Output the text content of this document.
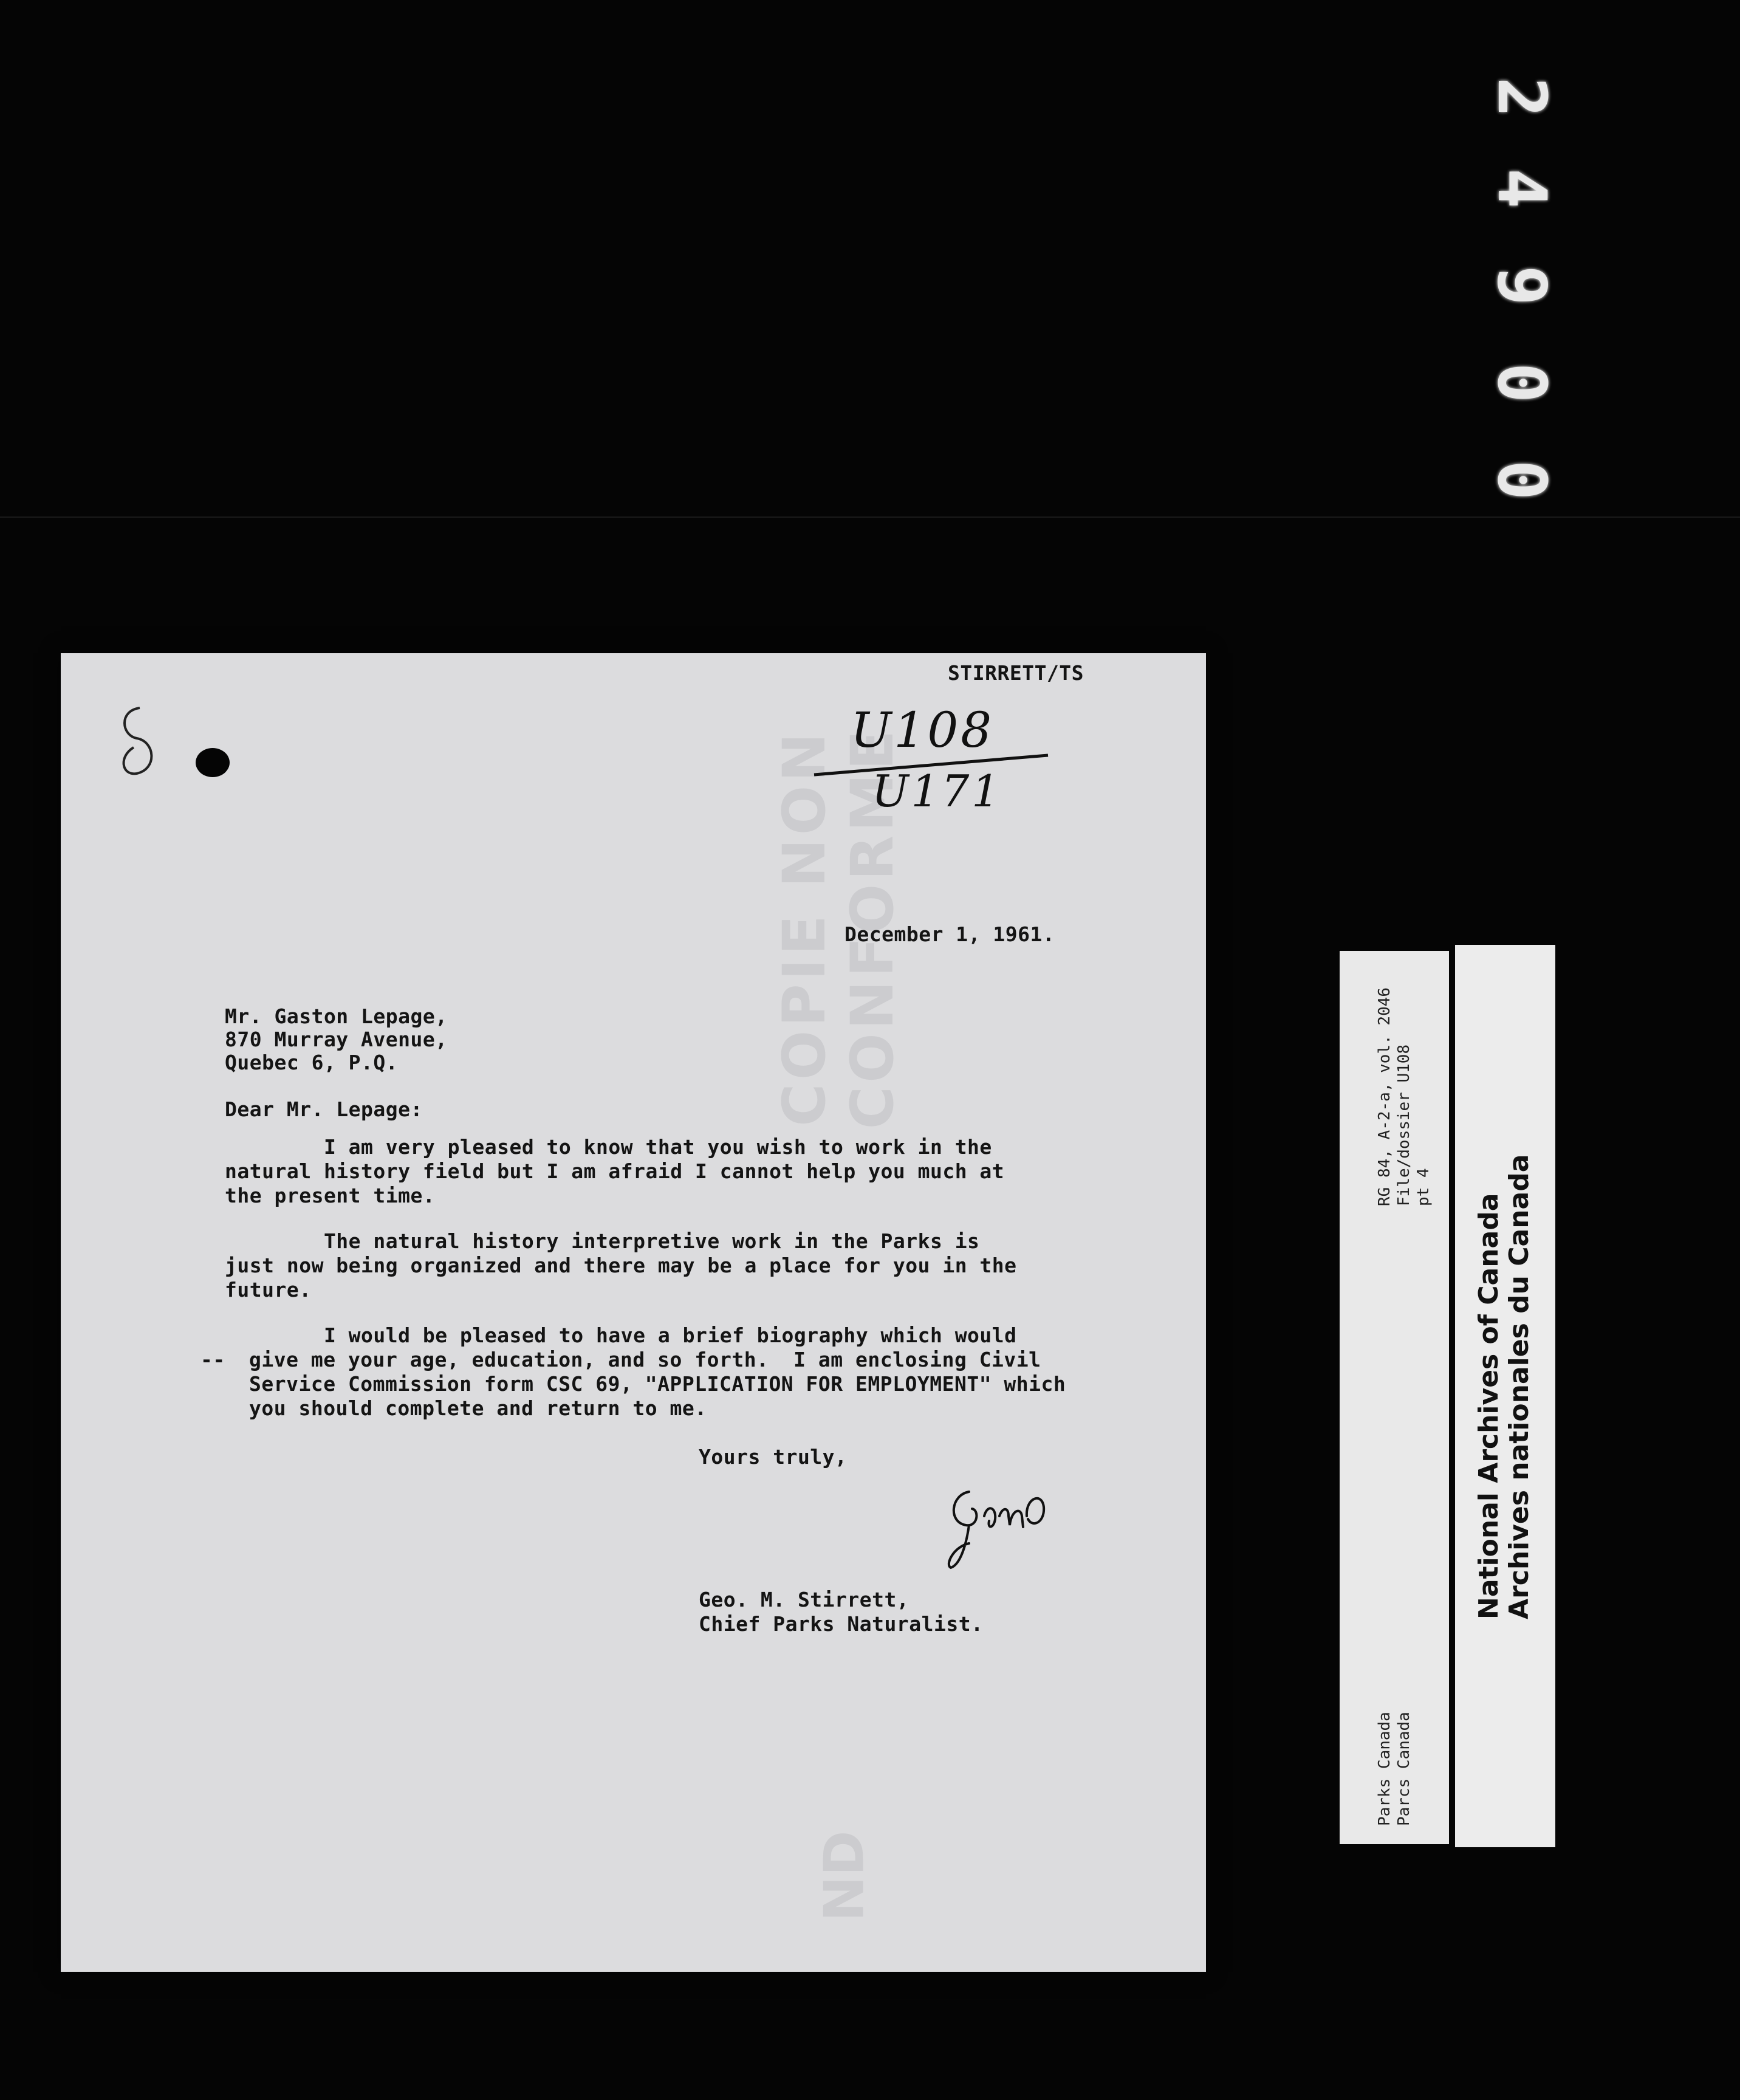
2
4
9
0
0
COPIE NON CONFORME
ND
STIRRETT/TS
U108
U171
December 1, 1961.
Mr. Gaston Lepage,
870 Murray Avenue,
Quebec 6, P.Q.
Dear Mr. Lepage:
I am very pleased to know that you wish to work in the
natural history field but I am afraid I cannot help you much at
the present time.
The natural history interpretive work in the Parks is
just now being organized and there may be a place for you in the
future.
I would be pleased to have a brief biography which would
-- give me your age, education, and so forth.  I am enclosing Civil
Service Commission form CSC 69, "APPLICATION FOR EMPLOYMENT" which
you should complete and return to me.
Yours truly,
Geo. M. Stirrett,
Chief Parks Naturalist.
RG 84, A-2-a, vol. 2046 File/dossier U108 pt 4
Parks Canada Parcs Canada
National Archives of Canada Archives nationales du Canada
